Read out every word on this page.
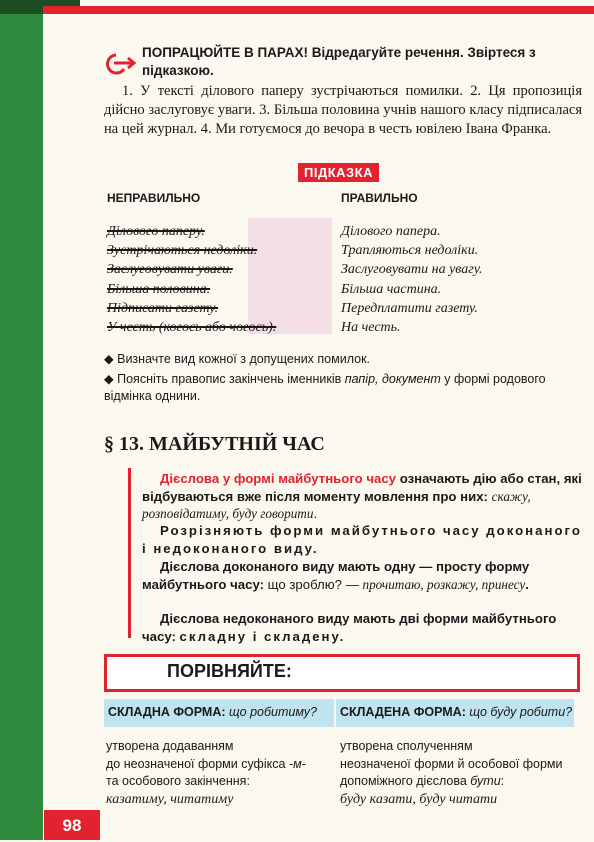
ПОПРАЦЮЙТЕ В ПАРАХ! Відредагуйте речення. Звіртеся з підказкою.
1. У тексті ділового паперу зустрічаються помилки. 2. Ця пропозиція дійсно заслуговує уваги. 3. Більша половина учнів нашого класу підписалася на цей журнал. 4. Ми готуємося до вечора в честь ювілею Івана Франка.
ПІДКАЗКА
НЕПРАВИЛЬНО	ПРАВИЛЬНО
Ділового паперу.
Зустрічаються недоліки.
Заслуговувати уваги.
Більша половина.
Підписати газету.
У честь (когось або чогось).
Ділового папера.
Трапляються недоліки.
Заслуговувати на увагу.
Більша частина.
Передплатити газету.
На честь.
◆ Визначте вид кожної з допущених помилок.
◆ Поясніть правопис закінчень іменників папір, документ у формі родового відмінка однини.
§ 13. МАЙБУТНІЙ ЧАС
Дієслова у формі майбутнього часу означають дію або стан, які відбуваються вже після моменту мовлення про них: скажу, розповідатиму, буду говорити.
Розрізняють форми майбутнього часу доконаного і недоконаного виду.
Дієслова доконаного виду мають одну — просту форму майбутнього часу: що зроблю? — прочитаю, розкажу, принесу.
Дієслова недоконаного виду мають дві форми майбутнього часу: складну і складену.
ПОРІВНЯЙТЕ:
СКЛАДНА ФОРМА: що робитиму?	СКЛАДЕНА ФОРМА: що буду робити?
утворена додаванням
до неозначеної форми суфікса -м-
та особового закінчення:
казатиму, читатиму
утворена сполученням
неозначеної форми й особової форми
допоміжного дієслова бути:
буду казати, буду читати
98
